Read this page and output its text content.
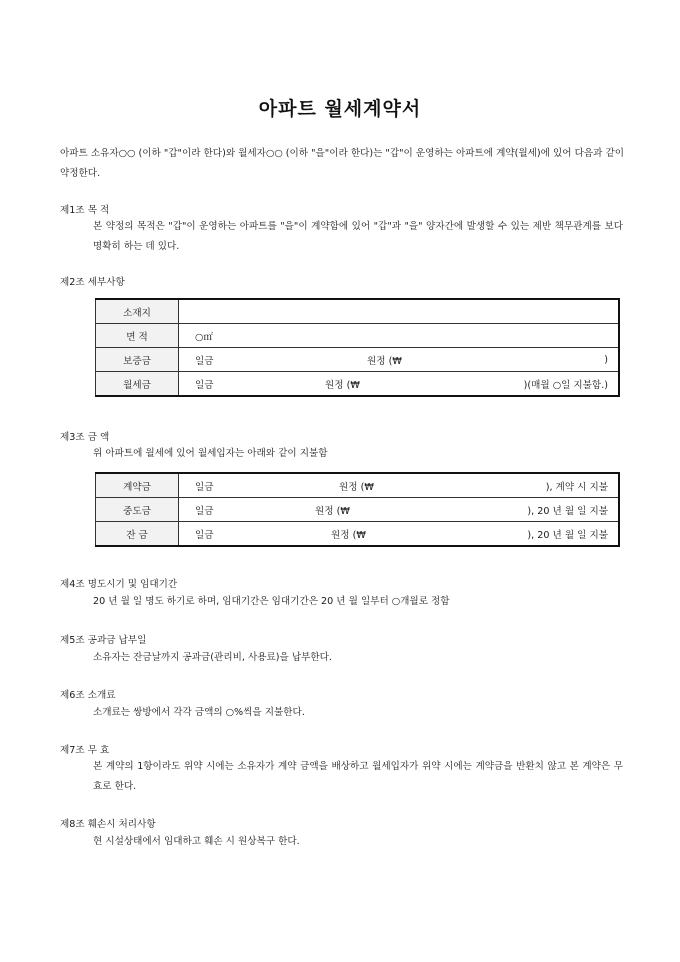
아파트 월세계약서
아파트 소유자○○ (이하 "갑"이라 한다)와 월세자○○ (이하 "을"이라 한다)는 "갑"이 운영하는 아파트에 계약(월세)에 있어 다음과 같이 약정한다.
제1조 목 적
본 약정의 목적은 "갑"이 운영하는 아파트를 "을"이 계약함에 있어 "갑"과 "을" 양자간에 발생할 수 있는 제반 책무관계를 보다 명확히 하는 데 있다.
제2조 세부사항
소재지	
면 적	○㎡

보증금	일금 원정 (₩ )

월세금	일금 원정 (₩ )(매월 ○일 지불함.)
제3조 금 액
위 아파트에 월세에 있어 월세입자는 아래와 같이 지불함
계약금	일금 원정 (₩ ), 계약 시 지불

중도금	일금 원정 (₩ ), 20 년 월 일 지불

잔 금	일금 원정 (₩ ), 20 년 월 일 지불
제4조 명도시기 및 임대기간
20 년 월 일 명도 하기로 하며, 임대기간은 임대기간은 20 년 월 일부터 ○개월로 정함
제5조 공과금 납부일
소유자는 잔금날까지 공과금(관리비, 사용료)을 납부한다.
제6조 소개료
소개료는 쌍방에서 각각 금액의 ○%씩을 지불한다.
제7조 무 효
본 계약의 1항이라도 위약 시에는 소유자가 계약 금액을 배상하고 월세입자가 위약 시에는 계약금을 반환치 않고 본 계약은 무효로 한다.
제8조 훼손시 처리사항
현 시설상태에서 임대하고 훼손 시 원상복구 한다.
